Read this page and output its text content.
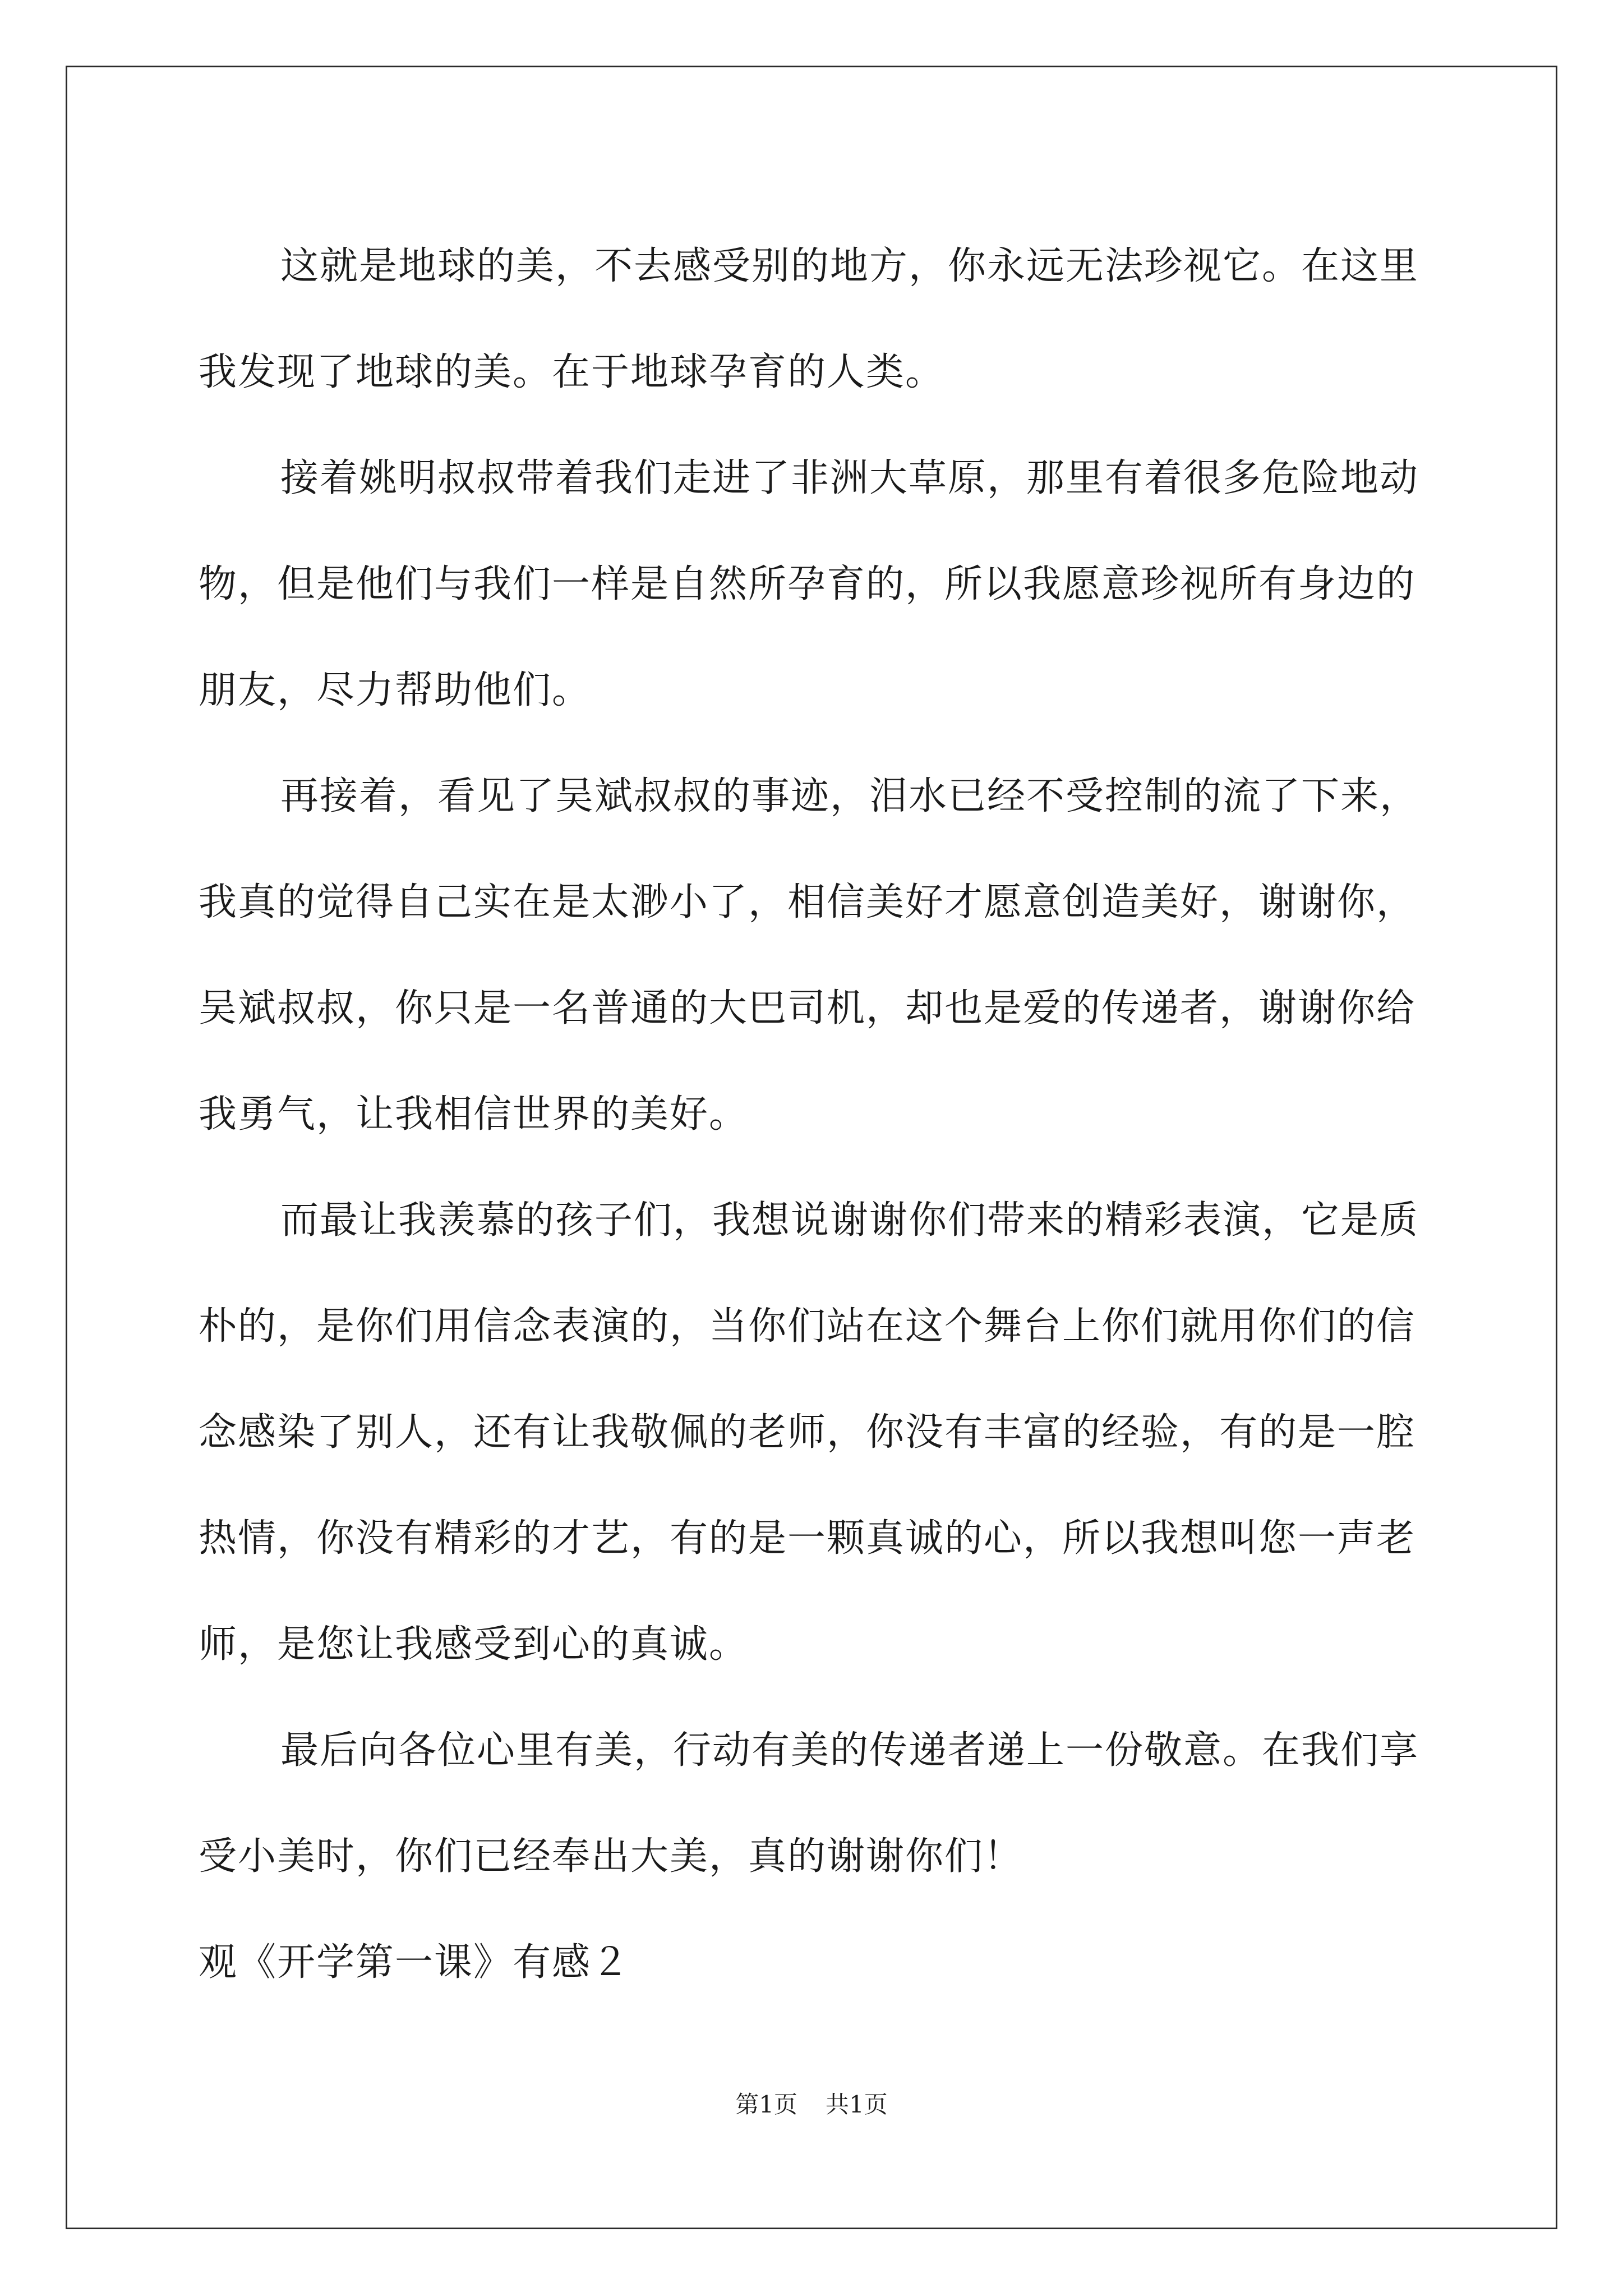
这就是地球的美，不去感受别的地方，你永远无法珍视它。在这里我发现了地球的美。在于地球孕育的人类。

接着姚明叔叔带着我们走进了非洲大草原，那里有着很多危险地动物，但是他们与我们一样是自然所孕育的，所以我愿意珍视所有身边的朋友，尽力帮助他们。

再接着，看见了吴斌叔叔的事迹，泪水已经不受控制的流了下来，我真的觉得自己实在是太渺小了，相信美好才愿意创造美好，谢谢你，吴斌叔叔，你只是一名普通的大巴司机，却也是爱的传递者，谢谢你给我勇气，让我相信世界的美好。

而最让我羡慕的孩子们，我想说谢谢你们带来的精彩表演，它是质朴的，是你们用信念表演的，当你们站在这个舞台上你们就用你们的信念感染了别人，还有让我敬佩的老师，你没有丰富的经验，有的是一腔热情，你没有精彩的才艺，有的是一颗真诚的心，所以我想叫您一声老师，是您让我感受到心的真诚。

最后向各位心里有美，行动有美的传递者递上一份敬意。在我们享受小美时，你们已经奉出大美，真的谢谢你们！

观《开学第一课》有感２

第1页 共1页
